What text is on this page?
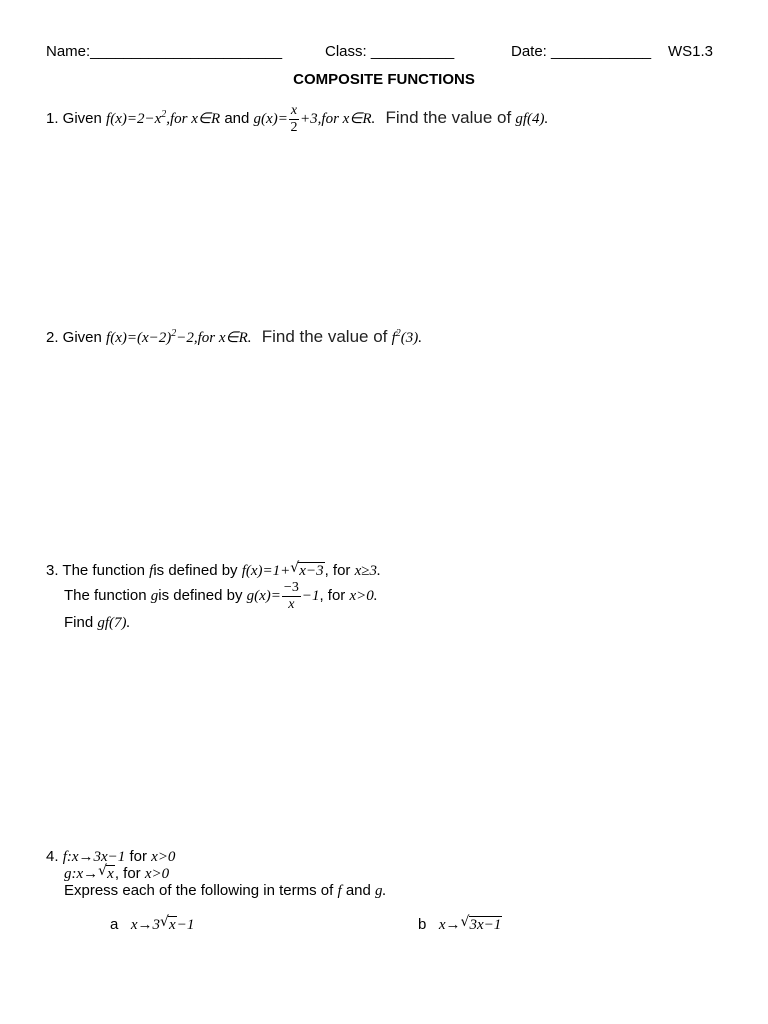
Name:_______________________	Class: __________	Date: ____________ WS1.3
COMPOSITE FUNCTIONS
1. Given $f(x)=2-x^2,for$ x∈R and $g(x)= \frac{x}{2} +3,for$ x∈R. Find the value of gf(4).
2. Given $f(x)=(x-2)^2-2,for$ x∈R. Find the value of $f^2(3)$.
3. The function fis defined by f(x)=1+ √ x−3, for x≥3.
The function gis defined by $g(x)= \frac{-3}{x} -1$, for x>0.
Find gf(7).
4. f:x→3x−1 for x>0
g:x→ √ x, for x>0
Express each of the following in terms of f and g.
a x→3 √ x−1	b x→ √ 3x−1
